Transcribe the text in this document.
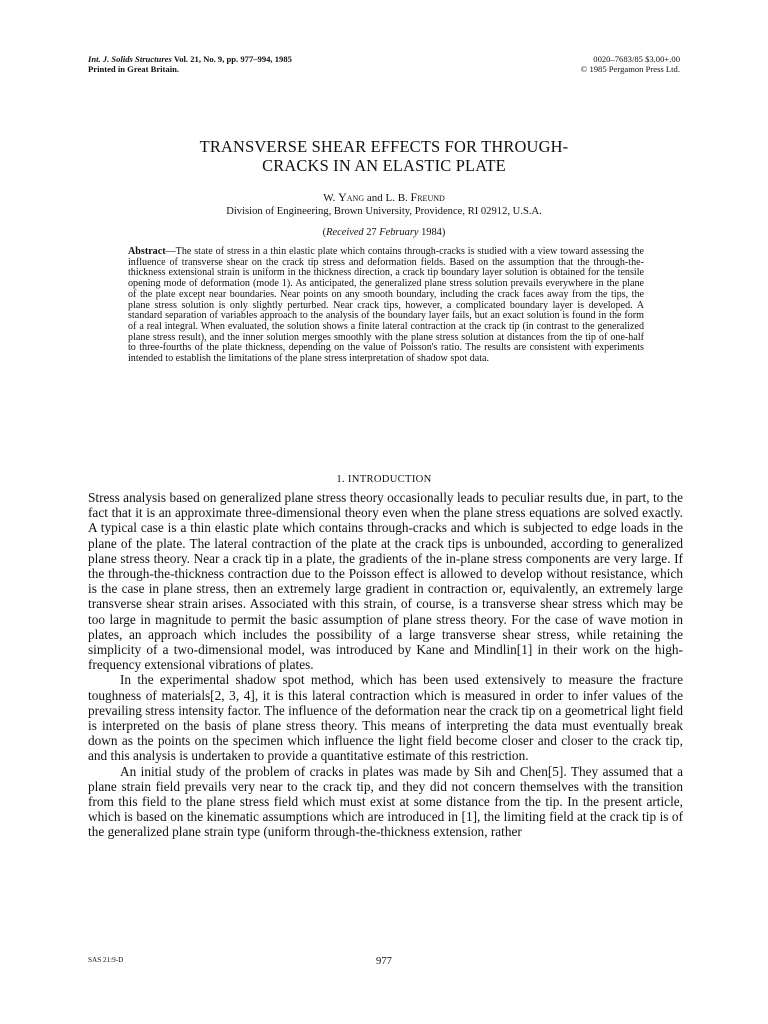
Int. J. Solids Structures Vol. 21, No. 9, pp. 977–994, 1985
Printed in Great Britain.
0020–7683/85 $3.00+.00
© 1985 Pergamon Press Ltd.
TRANSVERSE SHEAR EFFECTS FOR THROUGH-
CRACKS IN AN ELASTIC PLATE
W. Yang and L. B. Freund
Division of Engineering, Brown University, Providence, RI 02912, U.S.A.
(Received 27 February 1984)
Abstract—The state of stress in a thin elastic plate which contains through-cracks is studied with a view toward assessing the influence of transverse shear on the crack tip stress and deformation fields. Based on the assumption that the through-the-thickness extensional strain is uniform in the thickness direction, a crack tip boundary layer solution is obtained for the tensile opening mode of deformation (mode 1). As anticipated, the generalized plane stress solution prevails everywhere in the plane of the plate except near boundaries. Near points on any smooth boundary, including the crack faces away from the tips, the plane stress solution is only slightly perturbed. Near crack tips, however, a complicated boundary layer is developed. A standard separation of variables approach to the analysis of the boundary layer fails, but an exact solution is found in the form of a real integral. When evaluated, the solution shows a finite lateral contraction at the crack tip (in contrast to the generalized plane stress result), and the inner solution merges smoothly with the plane stress solution at distances from the tip of one-half to three-fourths of the plate thickness, depending on the value of Poisson's ratio. The results are consistent with experiments intended to establish the limitations of the plane stress interpretation of shadow spot data.
1. INTRODUCTION

Stress analysis based on generalized plane stress theory occasionally leads to peculiar results due, in part, to the fact that it is an approximate three-dimensional theory even when the plane stress equations are solved exactly. A typical case is a thin elastic plate which contains through-cracks and which is subjected to edge loads in the plane of the plate. The lateral contraction of the plate at the crack tips is unbounded, according to generalized plane stress theory. Near a crack tip in a plate, the gradients of the in-plane stress components are very large. If the through-the-thickness contraction due to the Poisson effect is allowed to develop without resistance, which is the case in plane stress, then an extremely large gradient in contraction or, equivalently, an extremely large transverse shear strain arises. Associated with this strain, of course, is a transverse shear stress which may be too large in magnitude to permit the basic assumption of plane stress theory. For the case of wave motion in plates, an approach which includes the possibility of a large transverse shear stress, while retaining the simplicity of a two-dimensional model, was introduced by Kane and Mindlin[1] in their work on the high-frequency extensional vibrations of plates.

In the experimental shadow spot method, which has been used extensively to measure the fracture toughness of materials[2, 3, 4], it is this lateral contraction which is measured in order to infer values of the prevailing stress intensity factor. The influence of the deformation near the crack tip on a geometrical light field is interpreted on the basis of plane stress theory. This means of interpreting the data must eventually break down as the points on the specimen which influence the light field become closer and closer to the crack tip, and this analysis is undertaken to provide a quantitative estimate of this restriction.

An initial study of the problem of cracks in plates was made by Sih and Chen[5]. They assumed that a plane strain field prevails very near to the crack tip, and they did not concern themselves with the transition from this field to the plane stress field which must exist at some distance from the tip. In the present article, which is based on the kinematic assumptions which are introduced in [1], the limiting field at the crack tip is of the generalized plane strain type (uniform through-the-thickness extension, rather

SAS 21:9-D	977
